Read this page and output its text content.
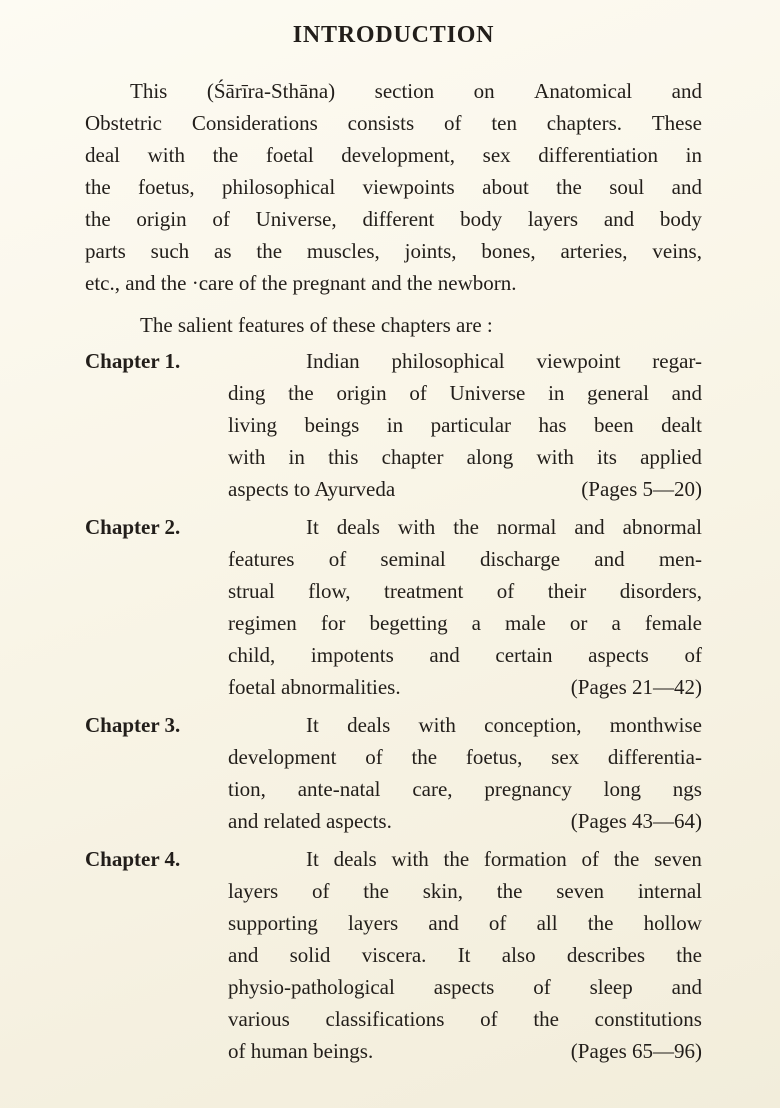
INTRODUCTION
This (Śārīra-Sthāna) section on Anatomical and
Obstetric Considerations consists of ten chapters. These
deal with the foetal development, sex differentiation in
the foetus, philosophical viewpoints about the soul and
the origin of Universe, different body layers and body
parts such as the muscles, joints, bones, arteries, veins,
etc., and the ·care of the pregnant and the newborn.
The salient features of these chapters are :
Chapter 1.	Indian philosophical viewpoint regar-
ding the origin of Universe in general and
living beings in particular has been dealt
with in this chapter along with its applied
aspects to Ayurveda	(Pages 5—20)
Chapter 2.	It deals with the normal and abnormal
features of seminal discharge and men-
strual flow, treatment of their disorders,
regimen for begetting a male or a female
child, impotents and certain aspects of
foetal abnormalities.	(Pages 21—42)
Chapter 3.	It deals with conception, monthwise
development of the foetus, sex differentia-
tion, ante-natal care, pregnancy long ngs
and related aspects.	(Pages 43—64)
Chapter 4.	It deals with the formation of the seven
layers of the skin, the seven internal
supporting layers and of all the hollow
and solid viscera. It also describes the
physio-pathological aspects of sleep and
various classifications of the constitutions
of human beings.	(Pages 65—96)
